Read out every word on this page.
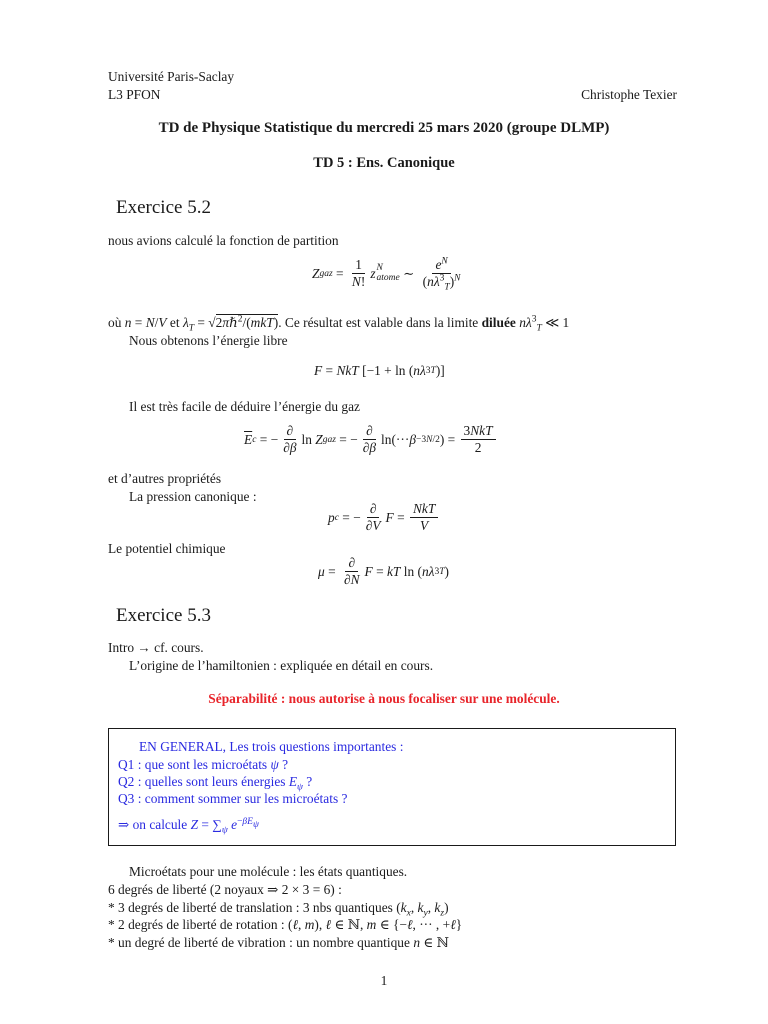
Université Paris-Saclay
L3 PFON	Christophe Texier
TD de Physique Statistique du mercredi 25 mars 2020 (groupe DLMP)
TD 5 : Ens. Canonique
Exercice 5.2
nous avions calculé la fonction de partition
Z gaz = $\frac{1}{N!}$ z N
atome ∼ $\frac{e^N}{(n\lambda^3_T)^N}$
où n = N/V et $\lambda_T$ = √2πℏ$^2$/(mkT). Ce résultat est valable dans la limite diluée $n\lambda^3_T$ ≪ 1
Nous obtenons l’énergie libre
F = NkT [−1 + ln ( nλ 3 T )]
Il est très facile de déduire l’énergie du gaz
$\overline{E}$ c = − $\frac{\partial}{\partial\beta}$ ln Z gaz = − $\frac{\partial}{\partial\beta} \ln(\cdot\cdot\cdot \beta -3N/2$ ) = $\frac{\text{3NkT}}{2}$
et d’autres propriétés
La pression canonique :
p c = − $\frac{\partial}{\partial V}$ $F = \frac{\text{NkT}}{V}$
Le potentiel chimique
$\mu = \frac{\partial}{\partial N}$ F = kT ln ( nλ 3 T )
Exercice 5.3
Intro → cf. cours.
L’origine de l’hamiltonien : expliquée en détail en cours.
Séparabilité : nous autorise à nous focaliser sur une molécule.
EN GENERAL, Les trois questions importantes :
Q1 : que sont les microétats ψ ?
Q2 : quelles sont leurs énergies $E_\psi$ ?
Q3 : comment sommer sur les microétats ?
⇒ on calcule $Z = \sum_\psi$ $e^{-\beta E_\psi}$
Microétats pour une molécule : les états quantiques.
6 degrés de liberté (2 noyaux ⇒ 2 × 3 = 6) :
* 3 degrés de liberté de translation : 3 nbs quantiques ($k_x$, $k_y$, $k_z$)
* 2 degrés de liberté de rotation : (ℓ, m), ℓ ∈ ℕ, m ∈ {−ℓ, ··· , +ℓ}
* un degré de liberté de vibration : un nombre quantique n ∈ ℕ
1
